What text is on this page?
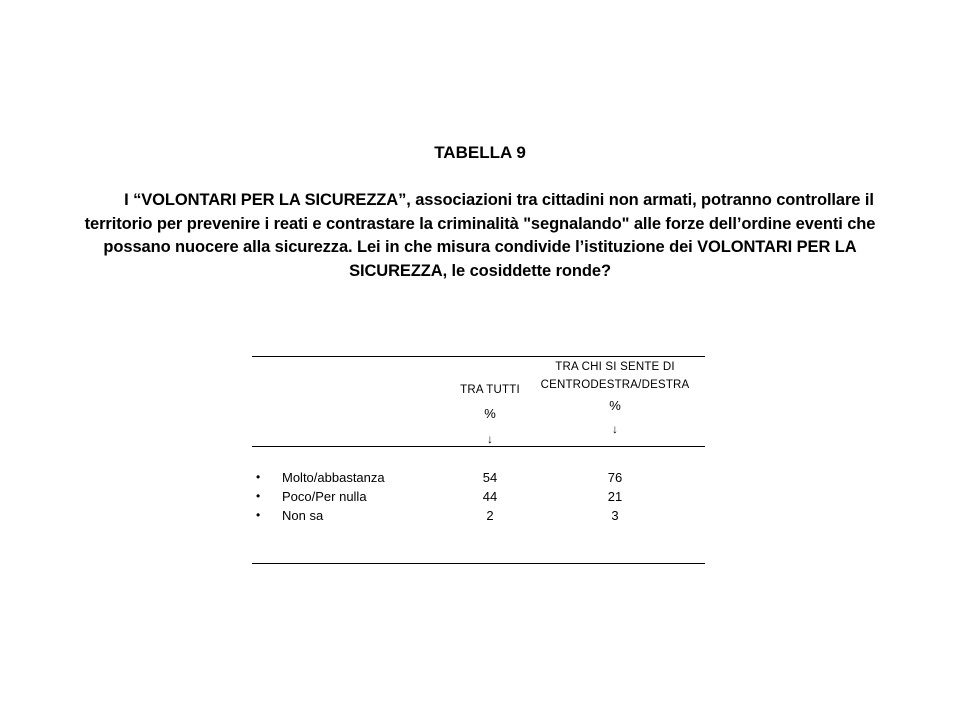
TABELLA 9
I “VOLONTARI PER LA SICUREZZA”, associazioni tra cittadini non armati, potranno controllare il
territorio per prevenire i reati e contrastare la criminalità "segnalando" alle forze dell’ordine eventi che
possano nuocere alla sicurezza. Lei in che misura condivide l’istituzione dei VOLONTARI PER LA
SICUREZZA, le cosiddette ronde?
TRA TUTTI
TRA CHI SI SENTE DI
CENTRODESTRA/DESTRA
%
%
↓
↓
• Molto/abbastanza	54	76
• Poco/Per nulla	44	21
• Non sa	2	3
